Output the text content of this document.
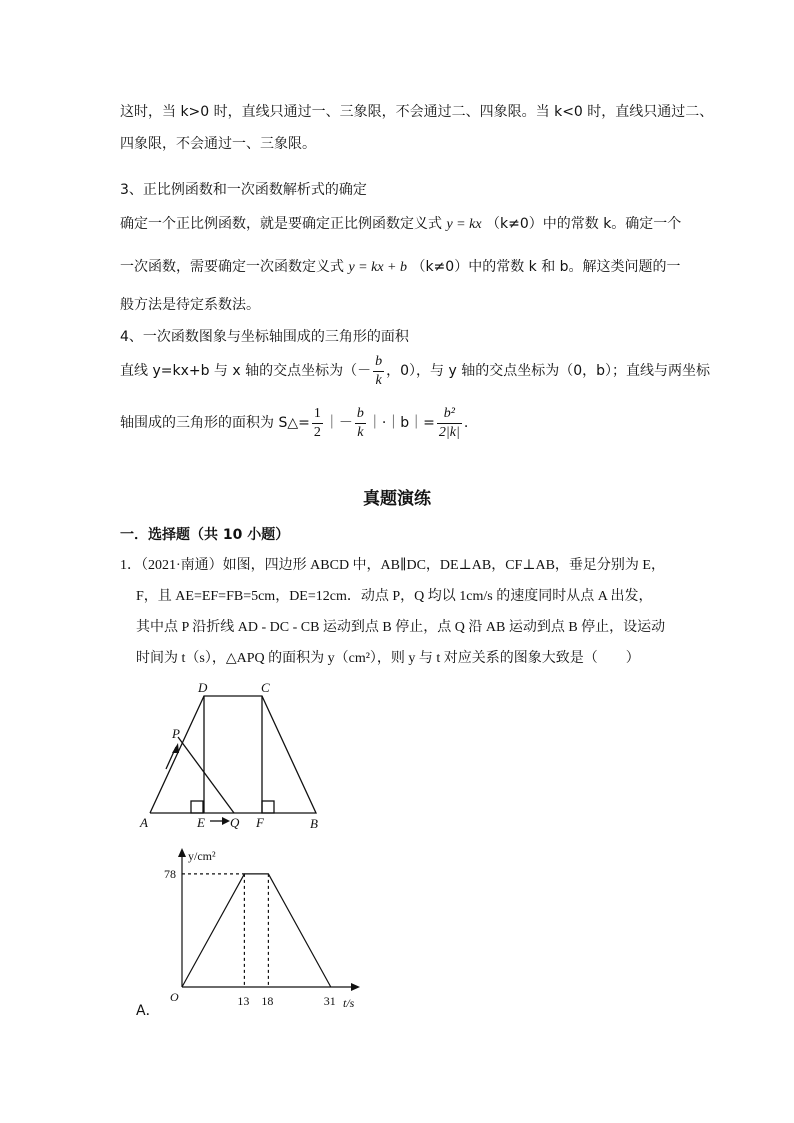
这时，当 k>0 时，直线只通过一、三象限，不会通过二、四象限。当 k<0 时，直线只通过二、
四象限，不会通过一、三象限。
3、正比例函数和一次函数解析式的确定
确定一个正比例函数，就是要确定正比例函数定义式 y = kx （k≠0）中的常数 k。确定一个
一次函数，需要确定一次函数定义式 y = kx + b （k≠0）中的常数 k 和 b。解这类问题的一
般方法是待定系数法。
4、一次函数图象与坐标轴围成的三角形的面积
直线 y=kx+b 与 x 轴的交点坐标为（－ $\frac{b}{k}$ ，0），与 y 轴的交点坐标为（0，b）；直线与两坐标
轴围成的三角形的面积为 S△= $\frac{1}{2}$ ｜－ $\frac{b}{k}$ ｜·｜b｜= $\frac{\text{b²}}{2|k|}$ .
真题演练
一．选择题（共 10 小题）
1．（2021·南通）如图，四边形 ABCD 中，AB∥DC，DE⊥AB，CF⊥AB，垂足分别为 E，
F，且 AE=EF=FB=5cm，DE=12cm．动点 P，Q 均以 1cm/s 的速度同时从点 A 出发，
其中点 P 沿折线 AD - DC - CB 运动到点 B 停止，点 Q 沿 AB 运动到点 B 停止，设运动
时间为 t（s），△APQ 的面积为 y（cm²），则 y 与 t 对应关系的图象大致是（　　）
A	B
C
D
E	F
P
Q
78
13 18	31
y/cm²
t/s
O
A．
